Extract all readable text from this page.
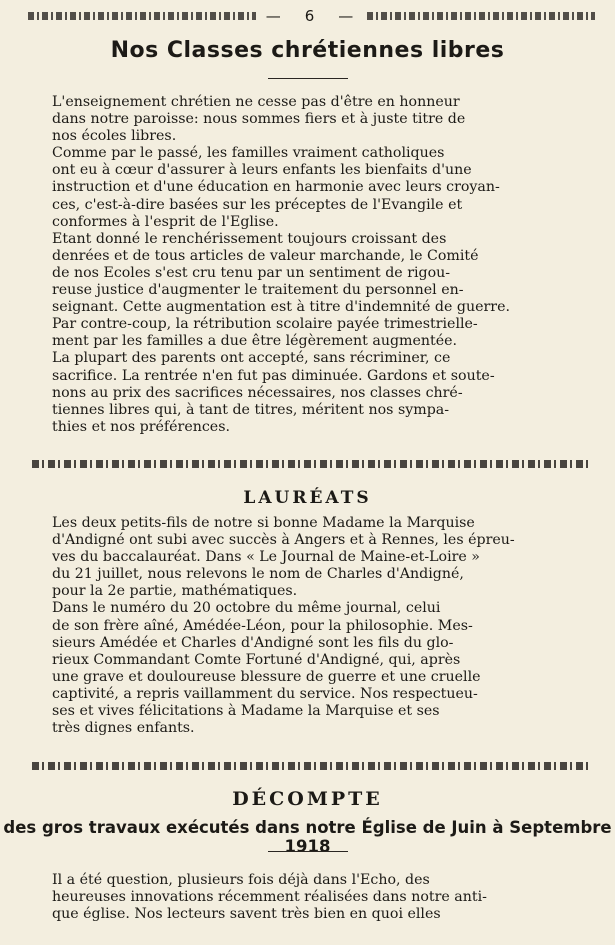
— 6 —
Nos Classes chrétiennes libres
L'enseignement chrétien ne cesse pas d'être en honneur
dans notre paroisse: nous sommes fiers et à juste titre de
nos écoles libres.
Comme par le passé, les familles vraiment catholiques
ont eu à cœur d'assurer à leurs enfants les bienfaits d'une
instruction et d'une éducation en harmonie avec leurs croyan-
ces, c'est-à-dire basées sur les préceptes de l'Evangile et
conformes à l'esprit de l'Eglise.
Etant donné le renchérissement toujours croissant des
denrées et de tous articles de valeur marchande, le Comité
de nos Ecoles s'est cru tenu par un sentiment de rigou-
reuse justice d'augmenter le traitement du personnel en-
seignant. Cette augmentation est à titre d'indemnité de guerre.
Par contre-coup, la rétribution scolaire payée trimestrielle-
ment par les familles a due être légèrement augmentée.
La plupart des parents ont accepté, sans récriminer, ce
sacrifice. La rentrée n'en fut pas diminuée. Gardons et soute-
nons au prix des sacrifices nécessaires, nos classes chré-
tiennes libres qui, à tant de titres, méritent nos sympa-
thies et nos préférences.
LAURÉATS
Les deux petits-fils de notre si bonne Madame la Marquise
d'Andigné ont subi avec succès à Angers et à Rennes, les épreu-
ves du baccalauréat. Dans « Le Journal de Maine-et-Loire »
du 21 juillet, nous relevons le nom de Charles d'Andigné,
pour la 2e partie, mathématiques.
Dans le numéro du 20 octobre du même journal, celui
de son frère aîné, Amédée-Léon, pour la philosophie. Mes-
sieurs Amédée et Charles d'Andigné sont les fils du glo-
rieux Commandant Comte Fortuné d'Andigné, qui, après
une grave et douloureuse blessure de guerre et une cruelle
captivité, a repris vaillamment du service. Nos respectueu-
ses et vives félicitations à Madame la Marquise et ses
très dignes enfants.
DÉCOMPTE
des gros travaux exécutés dans notre Église de Juin à Septembre 1918
Il a été question, plusieurs fois déjà dans l'Echo, des
heureuses innovations récemment réalisées dans notre anti-
que église. Nos lecteurs savent très bien en quoi elles
